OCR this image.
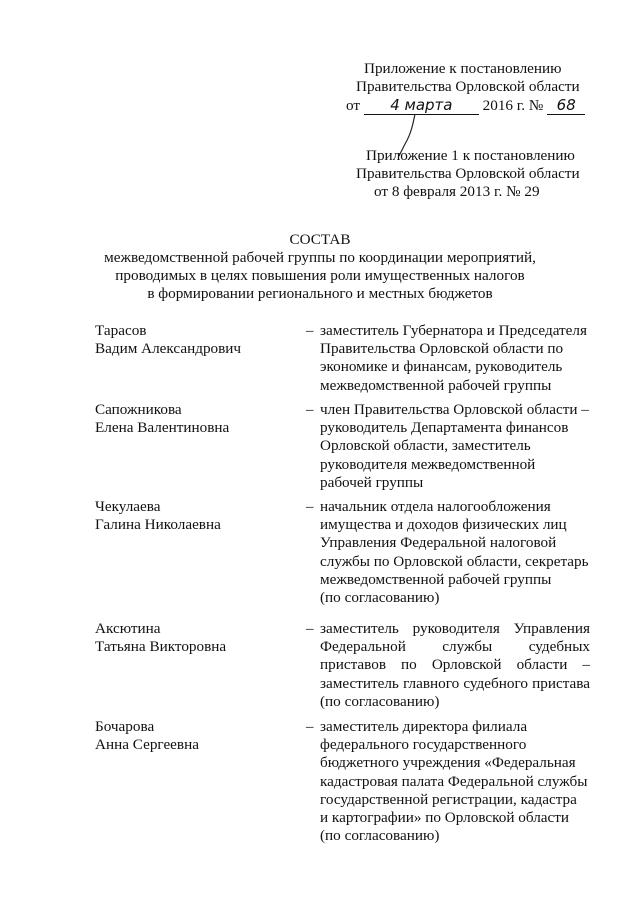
Приложение к постановлению
Правительства Орловской области
от 4 марта 2016 г. № 68
Приложение 1 к постановлению
Правительства Орловской области
от 8 февраля 2013 г. № 29
СОСТАВ
межведомственной рабочей группы по координации мероприятий,
проводимых в целях повышения роли имущественных налогов
в формировании регионального и местных бюджетов
Тарасов
Вадим Александрович
– заместитель Губернатора и Председателя

Правительства Орловской области по

экономике и финансам, руководитель

межведомственной рабочей группы

Сапожникова
Елена Валентиновна
– член Правительства Орловской области –

руководитель Департамента финансов

Орловской области, заместитель

руководителя межведомственной

рабочей группы

Чекулаева
Галина Николаевна
– начальник отдела налогообложения

имущества и доходов физических лиц

Управления Федеральной налоговой

службы по Орловской области, секретарь

межведомственной рабочей группы

(по согласованию)

Аксютина
Татьяна Викторовна
– заместитель руководителя Управления

Федеральной службы судебных

приставов по Орловской области –

заместитель главного судебного пристава

(по согласованию)

Бочарова
Анна Сергеевна
– заместитель директора филиала

федерального государственного

бюджетного учреждения «Федеральная

кадастровая палата Федеральной службы

государственной регистрации, кадастра

и картографии» по Орловской области

(по согласованию)
